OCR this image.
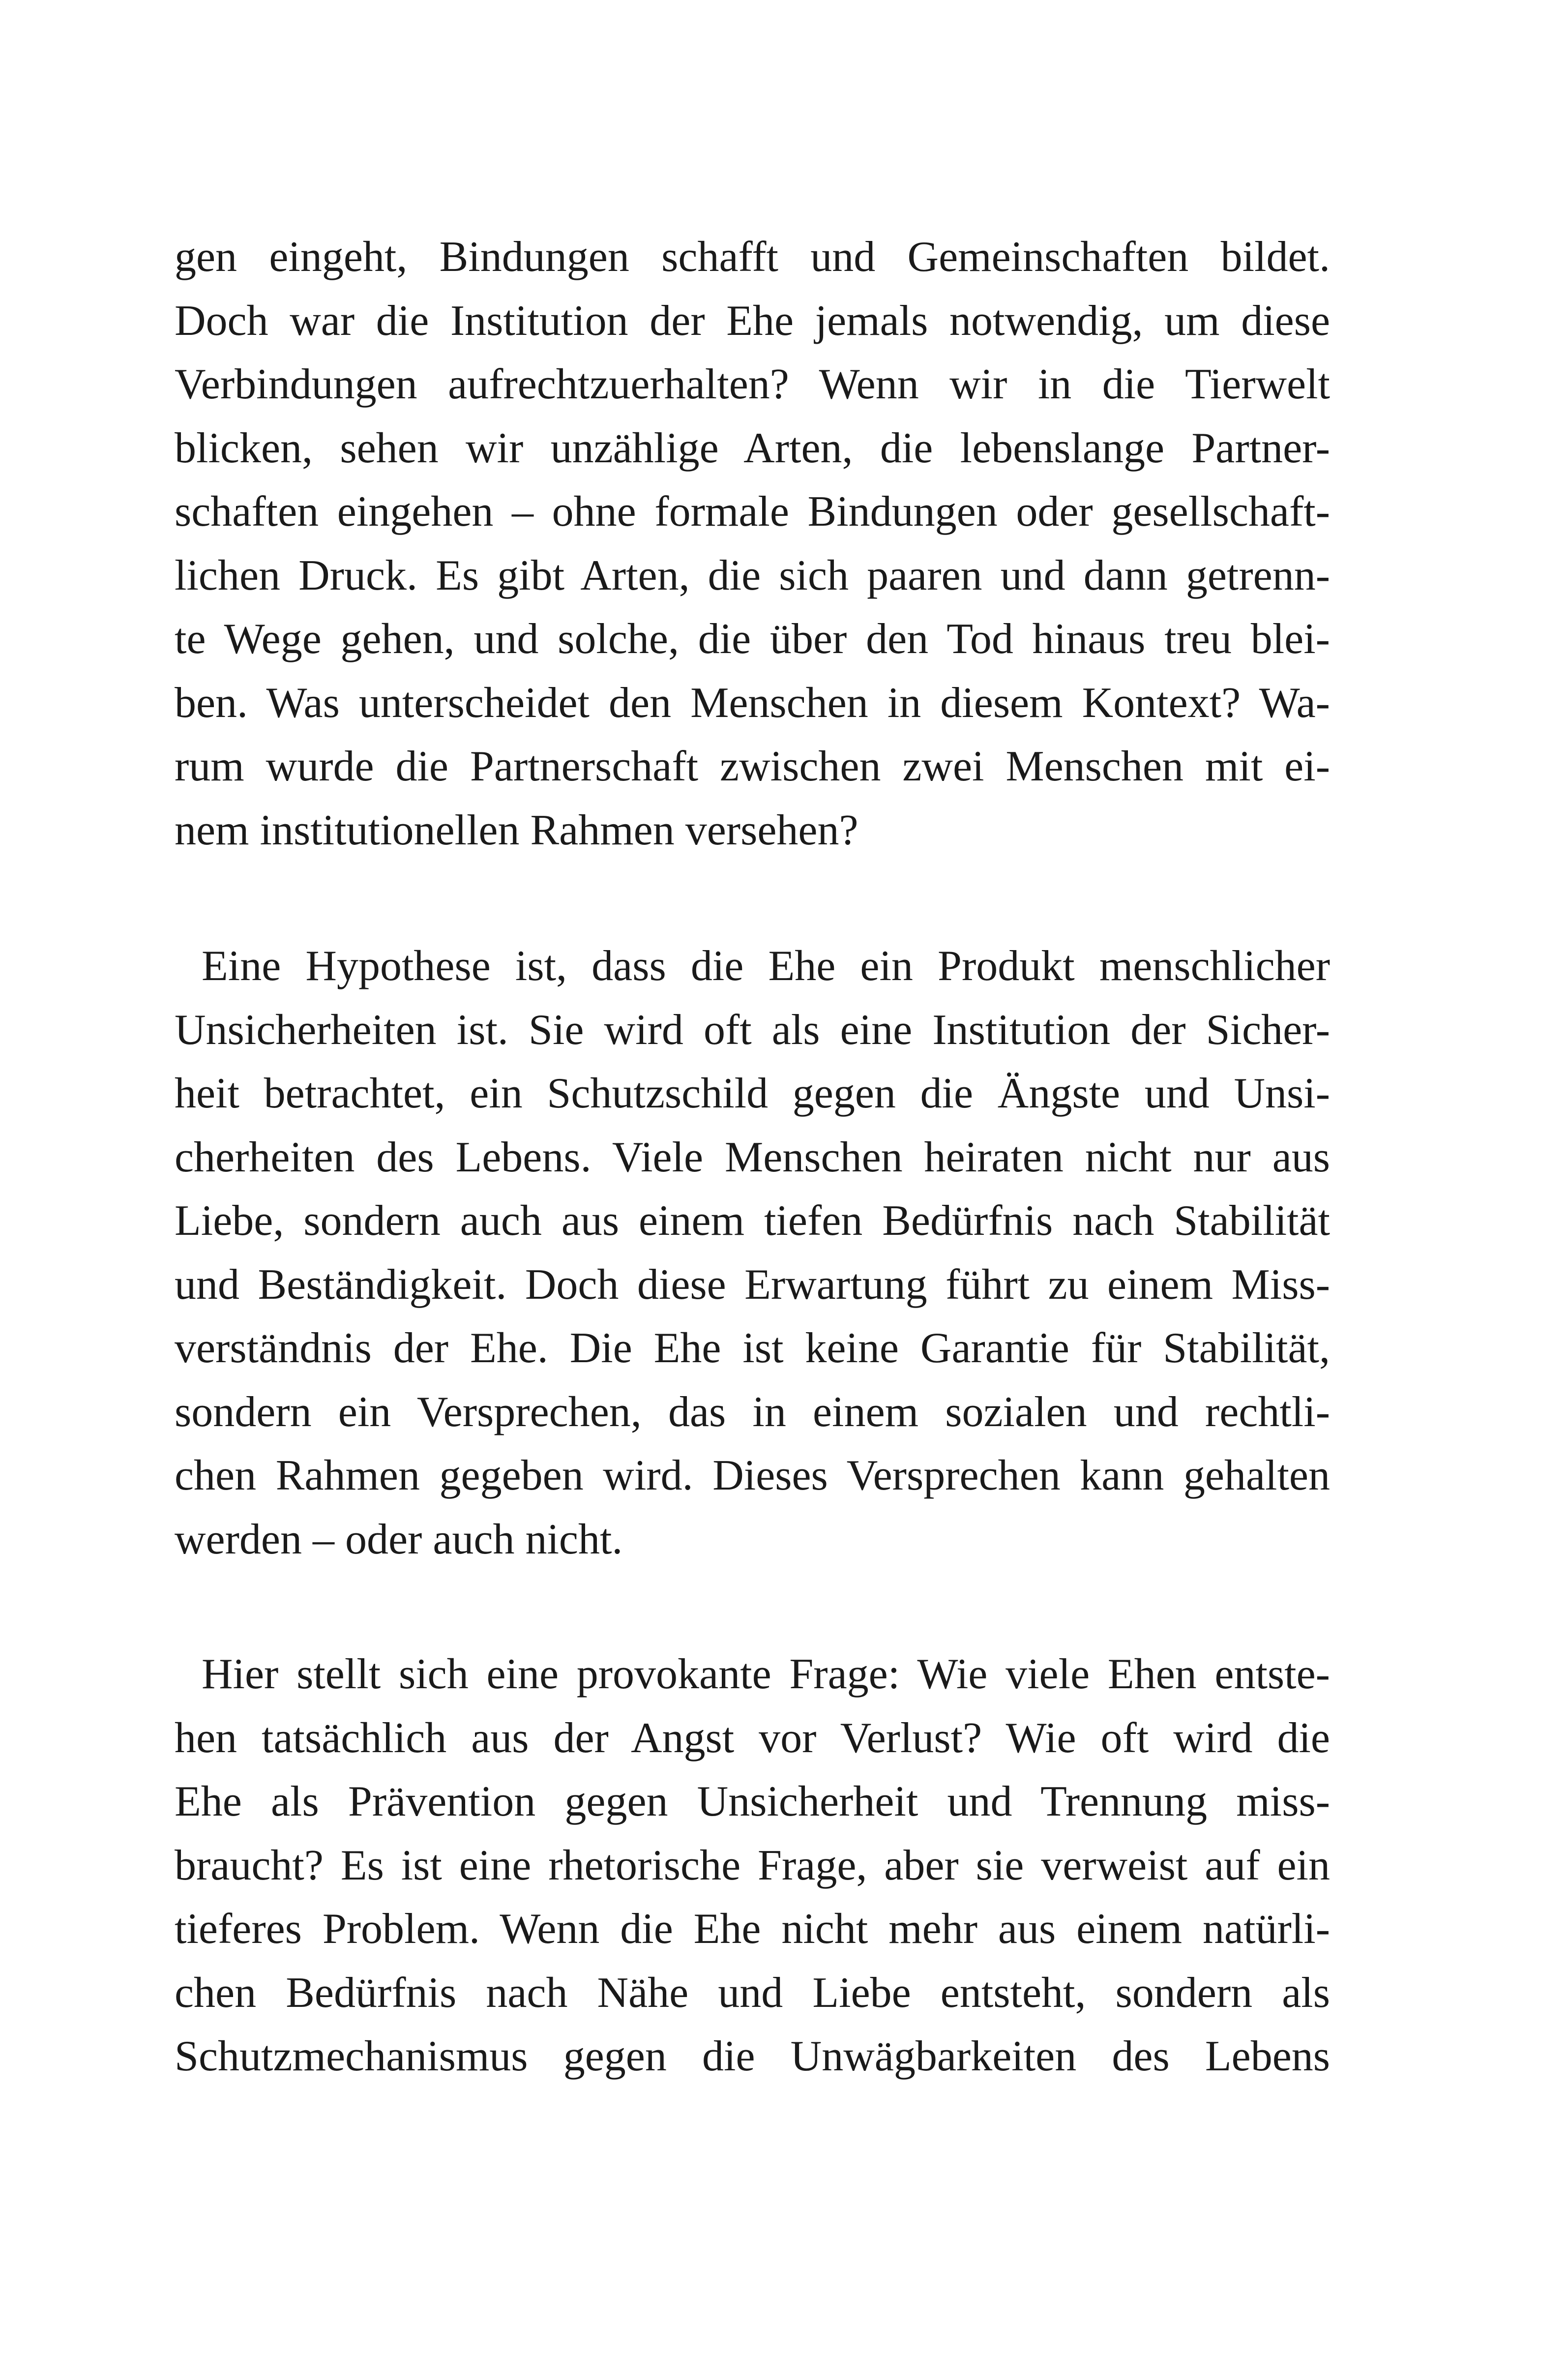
gen eingeht, Bindungen schafft und Gemeinschaften bildet.
Doch war die Institution der Ehe jemals notwendig, um diese
Verbindungen aufrechtzuerhalten? Wenn wir in die Tierwelt
blicken, sehen wir unzählige Arten, die lebenslange Partner-
schaften eingehen – ohne formale Bindungen oder gesellschaft-
lichen Druck. Es gibt Arten, die sich paaren und dann getrenn-
te Wege gehen, und solche, die über den Tod hinaus treu blei-
ben. Was unterscheidet den Menschen in diesem Kontext? Wa-
rum wurde die Partnerschaft zwischen zwei Menschen mit ei-
nem institutionellen Rahmen versehen?
Eine Hypothese ist, dass die Ehe ein Produkt menschlicher
Unsicherheiten ist. Sie wird oft als eine Institution der Sicher-
heit betrachtet, ein Schutzschild gegen die Ängste und Unsi-
cherheiten des Lebens. Viele Menschen heiraten nicht nur aus
Liebe, sondern auch aus einem tiefen Bedürfnis nach Stabilität
und Beständigkeit. Doch diese Erwartung führt zu einem Miss-
verständnis der Ehe. Die Ehe ist keine Garantie für Stabilität,
sondern ein Versprechen, das in einem sozialen und rechtli-
chen Rahmen gegeben wird. Dieses Versprechen kann gehalten
werden – oder auch nicht.
Hier stellt sich eine provokante Frage: Wie viele Ehen entste-
hen tatsächlich aus der Angst vor Verlust? Wie oft wird die
Ehe als Prävention gegen Unsicherheit und Trennung miss-
braucht? Es ist eine rhetorische Frage, aber sie verweist auf ein
tieferes Problem. Wenn die Ehe nicht mehr aus einem natürli-
chen Bedürfnis nach Nähe und Liebe entsteht, sondern als
Schutzmechanismus gegen die Unwägbarkeiten des Lebens
